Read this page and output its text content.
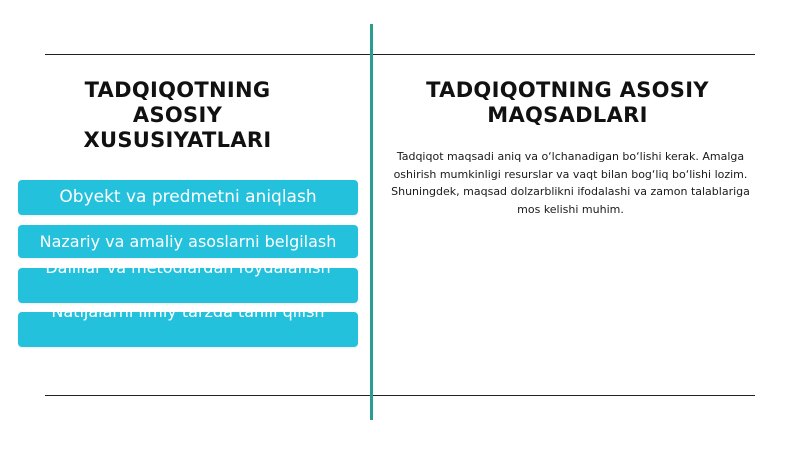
TADQIQOTNING ASOSIY XUSUSIYATLARI
Obyekt va predmetni aniqlash
Nazariy va amaliy asoslarni belgilash
Dalillar va metodlardan foydalanish
Natijalarni ilmiy tarzda tahlil qilish
TADQIQOTNING ASOSIY MAQSADLARI
Tadqiqot maqsadi aniq va o‘lchanadigan bo‘lishi kerak. Amalga oshirish mumkinligi resurslar va vaqt bilan bog‘liq bo‘lishi lozim. Shuningdek, maqsad dolzarblikni ifodalashi va zamon talablariga mos kelishi muhim.
